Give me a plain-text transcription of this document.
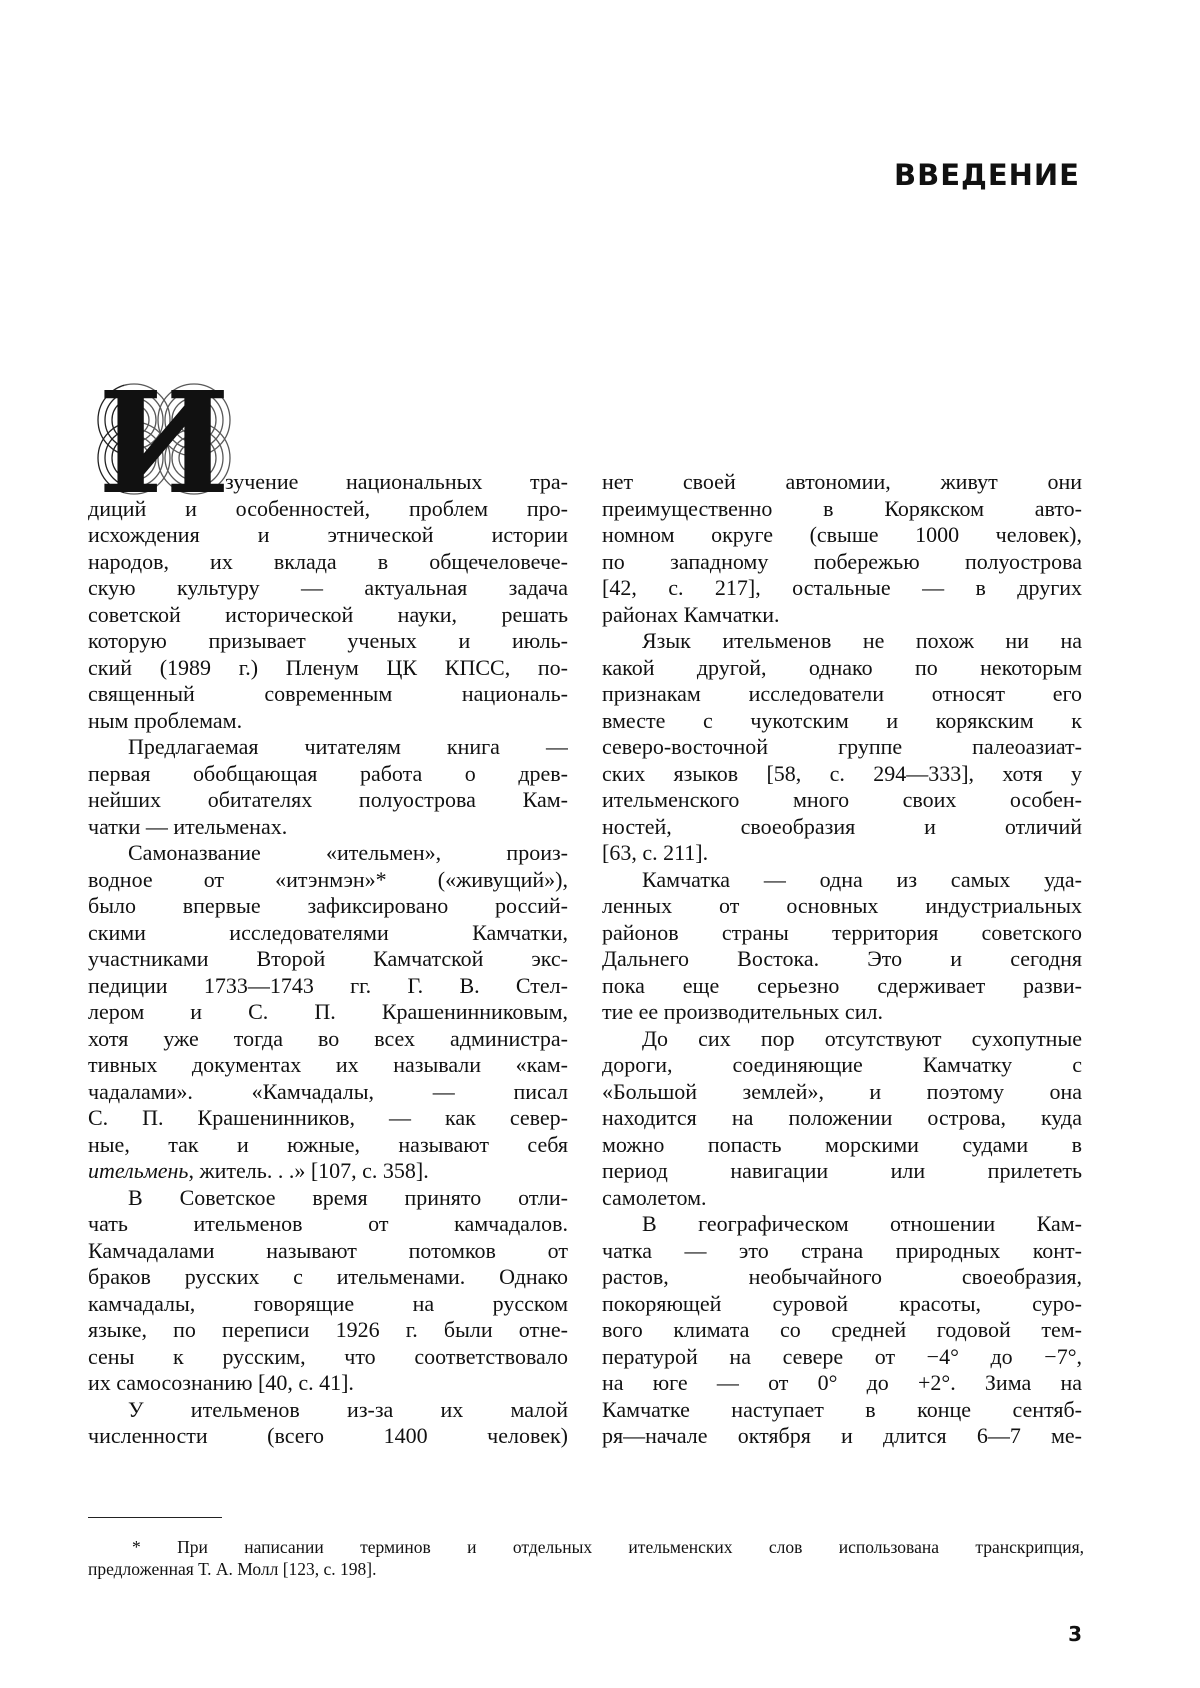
ВВЕДЕНИЕ
И
зучение национальных тра-
диций и особенностей, проблем про-
исхождения и этнической истории
народов, их вклада в общечеловече-
скую культуру — актуальная задача
советской исторической науки, решать
которую призывает ученых и июль-
ский (1989 г.) Пленум ЦК КПСС, по-
священный современным националь-
ным проблемам.
Предлагаемая читателям книга —
первая обобщающая работа о древ-
нейших обитателях полуострова Кам-
чатки — ительменах.
Самоназвание «ительмен», произ-
водное от «итэнмэн»* («живущий»),
было впервые зафиксировано россий-
скими исследователями Камчатки,
участниками Второй Камчатской экс-
педиции 1733—1743 гг. Г. В. Стел-
лером и С. П. Крашенинниковым,
хотя уже тогда во всех администра-
тивных документах их называли «кам-
чадалами». «Камчадалы, — писал
С. П. Крашенинников, — как север-
ные, так и южные, называют себя
ительмень, житель. . .» [107, с. 358].
В Советское время принято отли-
чать ительменов от камчадалов.
Камчадалами называют потомков от
браков русских с ительменами. Однако
камчадалы, говорящие на русском
языке, по переписи 1926 г. были отне-
сены к русским, что соответствовало
их самосознанию [40, с. 41].
У ительменов из-за их малой
численности (всего 1400 человек)
нет своей автономии, живут они
преимущественно в Корякском авто-
номном округе (свыше 1000 человек),
по западному побережью полуострова
[42, с. 217], остальные — в других
районах Камчатки.
Язык ительменов не похож ни на
какой другой, однако по некоторым
признакам исследователи относят его
вместе с чукотским и корякским к
северо-восточной группе палеоазиат-
ских языков [58, с. 294—333], хотя у
ительменского много своих особен-
ностей, своеобразия и отличий
[63, с. 211].
Камчатка — одна из самых уда-
ленных от основных индустриальных
районов страны территория советского
Дальнего Востока. Это и сегодня
пока еще серьезно сдерживает разви-
тие ее производительных сил.
До сих пор отсутствуют сухопутные
дороги, соединяющие Камчатку с
«Большой землей», и поэтому она
находится на положении острова, куда
можно попасть морскими судами в
период навигации или прилететь
самолетом.
В географическом отношении Кам-
чатка — это страна природных конт-
растов, необычайного своеобразия,
покоряющей суровой красоты, суро-
вого климата со средней годовой тем-
пературой на севере от −4° до −7°,
на юге — от 0° до +2°. Зима на
Камчатке наступает в конце сентяб-
ря—начале октября и длится 6—7 ме-
* При написании терминов и отдельных ительменских слов использована транскрипция,
предложенная Т. А. Молл [123, с. 198].
3
